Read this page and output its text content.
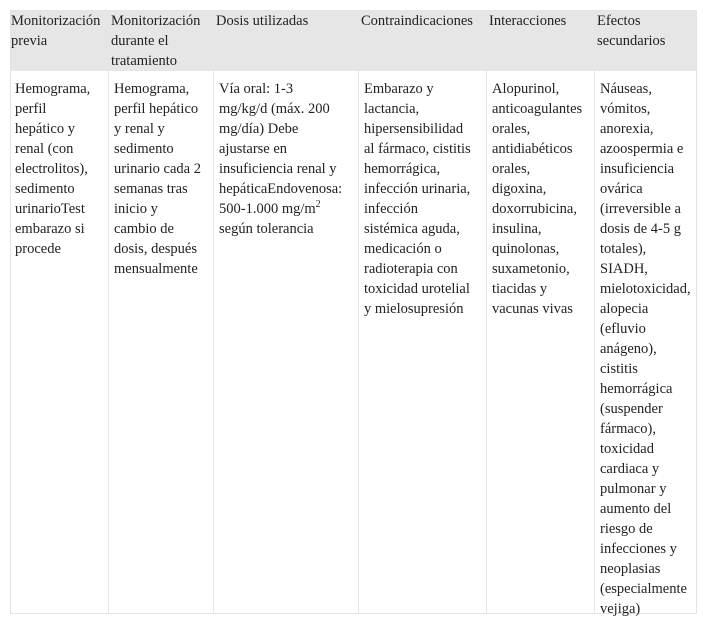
Monitorización
previa
Monitorización
durante el
tratamiento
Dosis utilizadas	Contraindicaciones Interacciones Efectos
secundarios
Hemograma,
perfil
hepático y
renal (con
electrolitos),
sedimento
urinarioTest
embarazo si
procede
Hemograma,
perfil hepático
y renal y
sedimento
urinario cada 2
semanas tras
inicio y
cambio de
dosis, después
mensualmente
Vía oral: 1-3
mg/kg/d (máx. 200
mg/día) Debe
ajustarse en
insuficiencia renal y
hepáticaEndovenosa:
500-1.000 $mg/m^2$
según tolerancia
Embarazo y
lactancia,
hipersensibilidad
al fármaco, cistitis
hemorrágica,
infección urinaria,
infección
sistémica aguda,
medicación o
radioterapia con
toxicidad urotelial
y mielosupresión
Alopurinol,
anticoagulantes
orales,
antidiabéticos
orales,
digoxina,
doxorrubicina,
insulina,
quinolonas,
suxametonio,
tiacidas y
vacunas vivas
Náuseas,
vómitos,
anorexia,
azoospermia e
insuficiencia
ovárica
(irreversible a
dosis de 4-5 g
totales),
SIADH,
mielotoxicidad,
alopecia
(efluvio
anágeno),
cistitis
hemorrágica
(suspender
fármaco),
toxicidad
cardiaca y
pulmonar y
aumento del
riesgo de
infecciones y
neoplasias
(especialmente
vejiga)
